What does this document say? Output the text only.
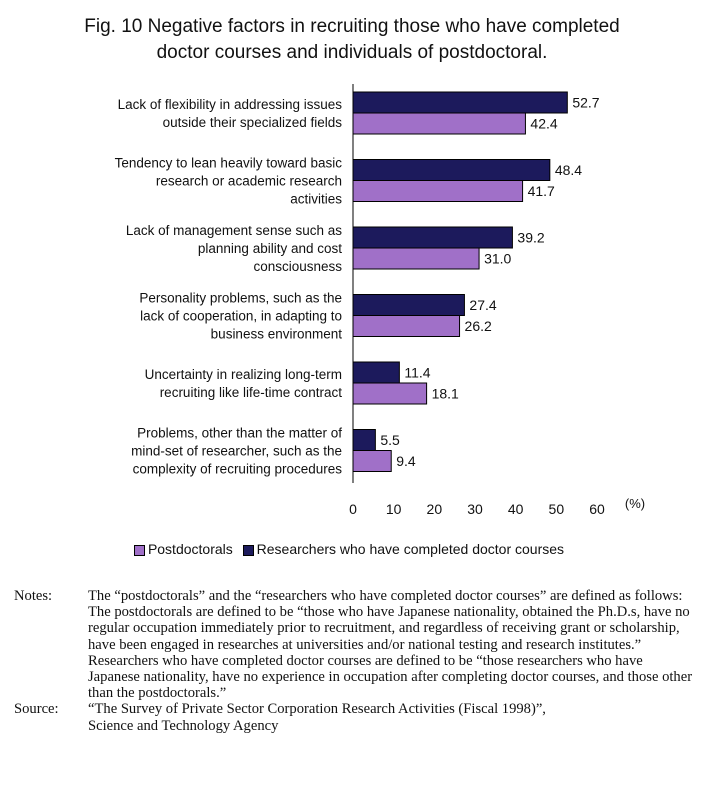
Fig. 10 Negative factors in recruiting those who have completed
doctor courses and individuals of postdoctoral.
0 10 20 30 40 50 60 (%)
52.7
42.4
Lack of flexibility in addressing issues
outside their specialized fields
48.4
41.7
Tendency to lean heavily toward basic
research or academic research
activities
39.2
31.0
Lack of management sense such as
planning ability and cost
consciousness
27.4
26.2
Personality problems, such as the
lack of cooperation, in adapting to
business environment
11.4
18.1
Uncertainty in realizing long-term
recruiting like life-time contract
5.5
9.4
Problems, other than the matter of
mind-set of researcher, such as the
complexity of recruiting procedures
Postdoctorals Researchers who have completed doctor courses
Notes:	The “postdoctorals” and the “researchers who have completed doctor courses” are defined as follows:

The postdoctorals are defined to be “those who have Japanese nationality, obtained the Ph.D.s, have no regular occupation immediately prior to recruitment, and regardless of receiving grant or scholarship, have been engaged in researches at universities and/or national testing and research institutes.” Researchers who have completed doctor courses are defined to be “those researchers who have Japanese nationality, have no experience in occupation after completing doctor courses, and those other than the postdoctorals.”

Source:	“The Survey of Private Sector Corporation Research Activities (Fiscal 1998)”,

Science and Technology Agency
